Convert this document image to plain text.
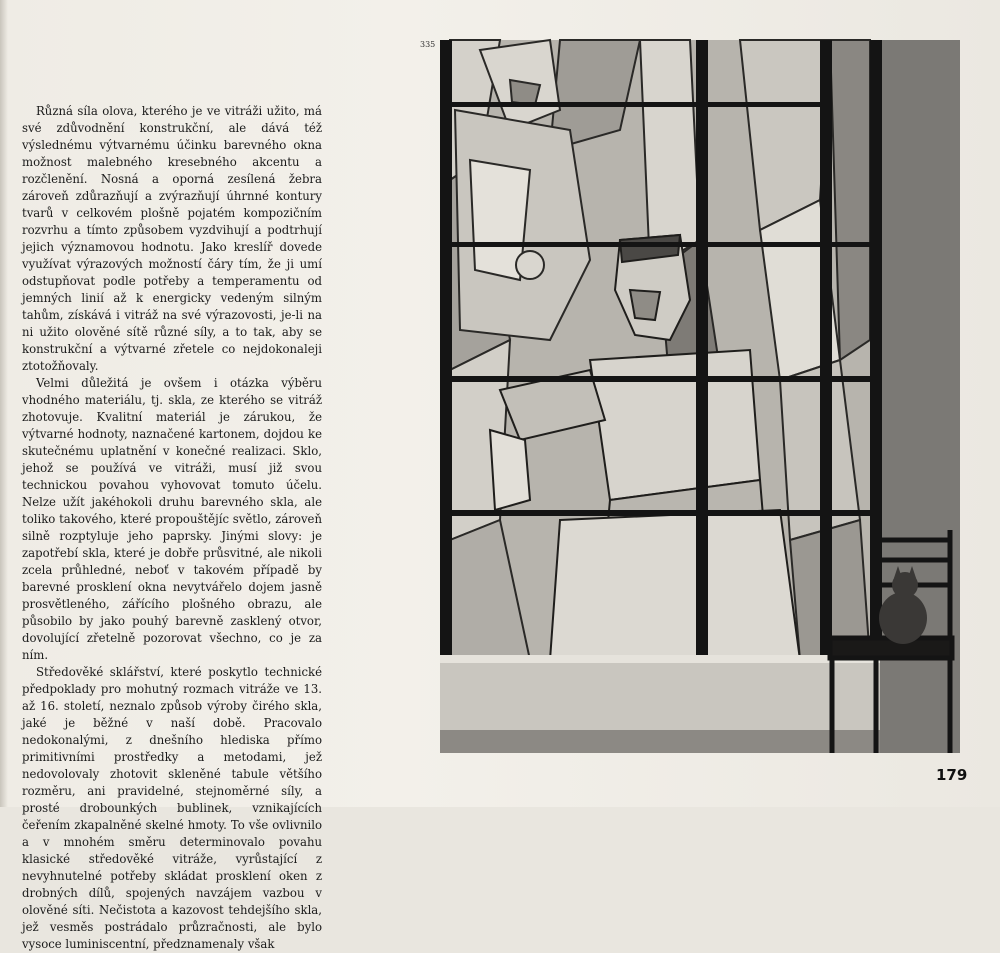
Různá síla olova, kterého je ve vitráži užito, má své zdůvodnění konstrukční, ale dává též výslednému výtvarnému účinku barevného okna možnost malebného kresebného akcentu a rozčlenění. Nosná a oporná zesílená žebra zároveň zdůrazňují a zvýrazňují úhrnné kontury tvarů v celkovém plošně pojatém kompozičním rozvrhu a tímto způsobem vyzdvihují a podtrhují jejich významovou hodnotu. Jako kreslíř dovede využívat výrazových možností čáry tím, že ji umí odstupňovat podle potřeby a temperamentu od jemných linií až k energicky vedeným silným tahům, získává i vitráž na své výrazovosti, je-li na ni užito olověné sítě různé síly, a to tak, aby se konstrukční a výtvarné zřetele co nejdokonaleji ztotožňovaly.

Velmi důležitá je ovšem i otázka výběru vhodného materiálu, tj. skla, ze kterého se vitráž zhotovuje. Kvalitní materiál je zárukou, že výtvarné hodnoty, naznačené kartonem, dojdou ke skutečnému uplatnění v konečné realizaci. Sklo, jehož se používá ve vitráži, musí již svou technickou povahou vyhovovat tomuto účelu. Nelze užít jakéhokoli druhu barevného skla, ale toliko takového, které propouštějíc světlo, zároveň silně rozptyluje jeho paprsky. Jinými slovy: je zapotřebí skla, které je dobře průsvitné, ale nikoli zcela průhledné, neboť v takovém případě by barevné prosklení okna nevytvářelo dojem jasně prosvětleného, zářícího plošného obrazu, ale působilo by jako pouhý barevně zasklený otvor, dovolující zřetelně pozorovat všechno, co je za ním.

Středověké sklářství, které poskytlo technické předpoklady pro mohutný rozmach vitráže ve 13. až 16. století, neznalo způsob výroby čirého skla, jaké je běžné v naší době. Pracovalo nedokonalými, z dnešního hlediska přímo primitivními prostředky a metodami, jež nedovolovaly zhotovit skleněné tabule většího rozměru, ani pravidelné, stejnoměrné síly, a prosté drobounkých bublinek, vznikajících čeřením zkapalněné skelné hmoty. To vše ovlivnilo a v mnohém směru determinovalo povahu klasické středověké vitráže, vyrůstající z nevyhnutelné potřeby skládat prosklení oken z drobných dílů, spojených navzájem vazbou v olověné síti. Nečistota a kazovost tehdejšího skla, jež vesměs postrádalo průzračnosti, ale bylo vysoce luminiscentní, předznamenaly však

335
179
